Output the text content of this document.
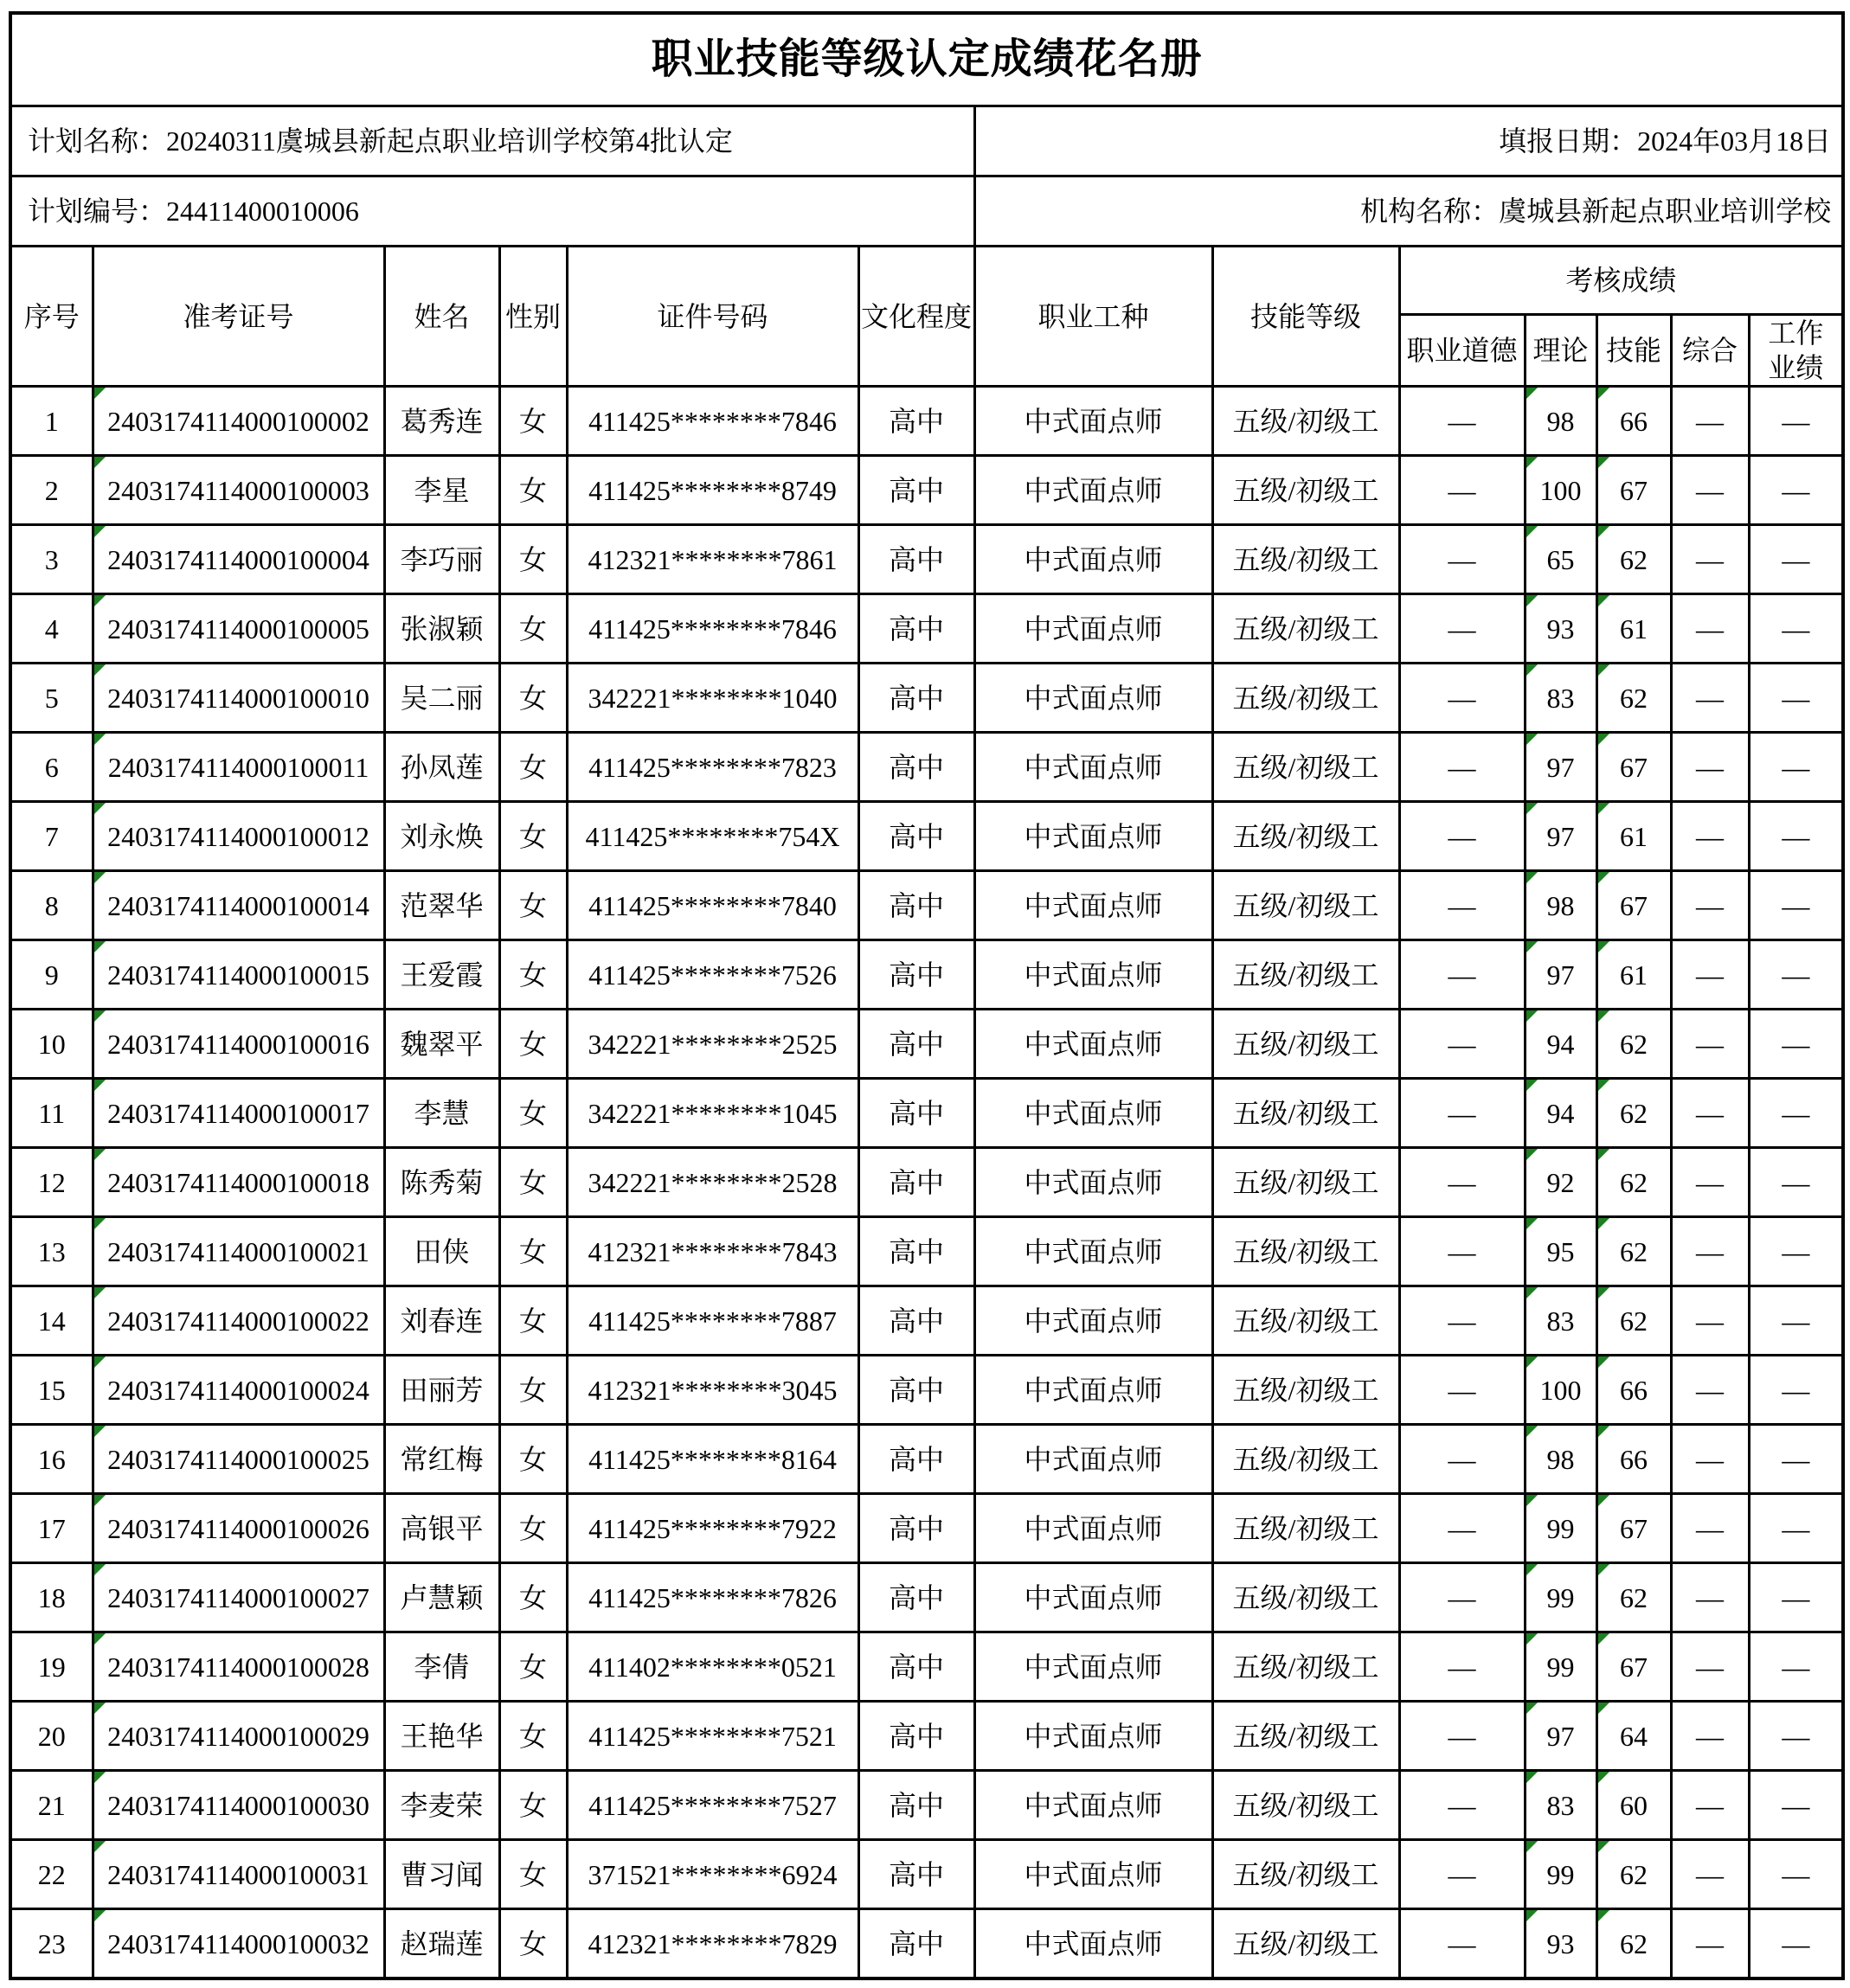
职业技能等级认定成绩花名册												
计划名称：20240311虞城县新起点职业培训学校第4批认定						填报日期：2024年03月18日						
计划编号：24411400010006						机构名称：虞城县新起点职业培训学校						
序号	准考证号	姓名	性别	证件号码	文化程度	职业工种	技能等级	考核成绩				
								职业道德	理论	技能	综合	工作业绩
1	2403174114000100002	葛秀连	女	411425********7846	高中	中式面点师	五级/初级工	—	98	66	—	—
2	2403174114000100003	李星	女	411425********8749	高中	中式面点师	五级/初级工	—	100	67	—	—
3	2403174114000100004	李巧丽	女	412321********7861	高中	中式面点师	五级/初级工	—	65	62	—	—
4	2403174114000100005	张淑颖	女	411425********7846	高中	中式面点师	五级/初级工	—	93	61	—	—
5	2403174114000100010	吴二丽	女	342221********1040	高中	中式面点师	五级/初级工	—	83	62	—	—
6	2403174114000100011	孙凤莲	女	411425********7823	高中	中式面点师	五级/初级工	—	97	67	—	—
7	2403174114000100012	刘永焕	女	411425********754X	高中	中式面点师	五级/初级工	—	97	61	—	—
8	2403174114000100014	范翠华	女	411425********7840	高中	中式面点师	五级/初级工	—	98	67	—	—
9	2403174114000100015	王爱霞	女	411425********7526	高中	中式面点师	五级/初级工	—	97	61	—	—
10	2403174114000100016	魏翠平	女	342221********2525	高中	中式面点师	五级/初级工	—	94	62	—	—
11	2403174114000100017	李慧	女	342221********1045	高中	中式面点师	五级/初级工	—	94	62	—	—
12	2403174114000100018	陈秀菊	女	342221********2528	高中	中式面点师	五级/初级工	—	92	62	—	—
13	2403174114000100021	田侠	女	412321********7843	高中	中式面点师	五级/初级工	—	95	62	—	—
14	2403174114000100022	刘春连	女	411425********7887	高中	中式面点师	五级/初级工	—	83	62	—	—
15	2403174114000100024	田丽芳	女	412321********3045	高中	中式面点师	五级/初级工	—	100	66	—	—
16	2403174114000100025	常红梅	女	411425********8164	高中	中式面点师	五级/初级工	—	98	66	—	—
17	2403174114000100026	高银平	女	411425********7922	高中	中式面点师	五级/初级工	—	99	67	—	—
18	2403174114000100027	卢慧颖	女	411425********7826	高中	中式面点师	五级/初级工	—	99	62	—	—
19	2403174114000100028	李倩	女	411402********0521	高中	中式面点师	五级/初级工	—	99	67	—	—
20	2403174114000100029	王艳华	女	411425********7521	高中	中式面点师	五级/初级工	—	97	64	—	—
21	2403174114000100030	李麦荣	女	411425********7527	高中	中式面点师	五级/初级工	—	83	60	—	—
22	2403174114000100031	曹习闻	女	371521********6924	高中	中式面点师	五级/初级工	—	99	62	—	—
23	2403174114000100032	赵瑞莲	女	412321********7829	高中	中式面点师	五级/初级工	—	93	62	—	—
